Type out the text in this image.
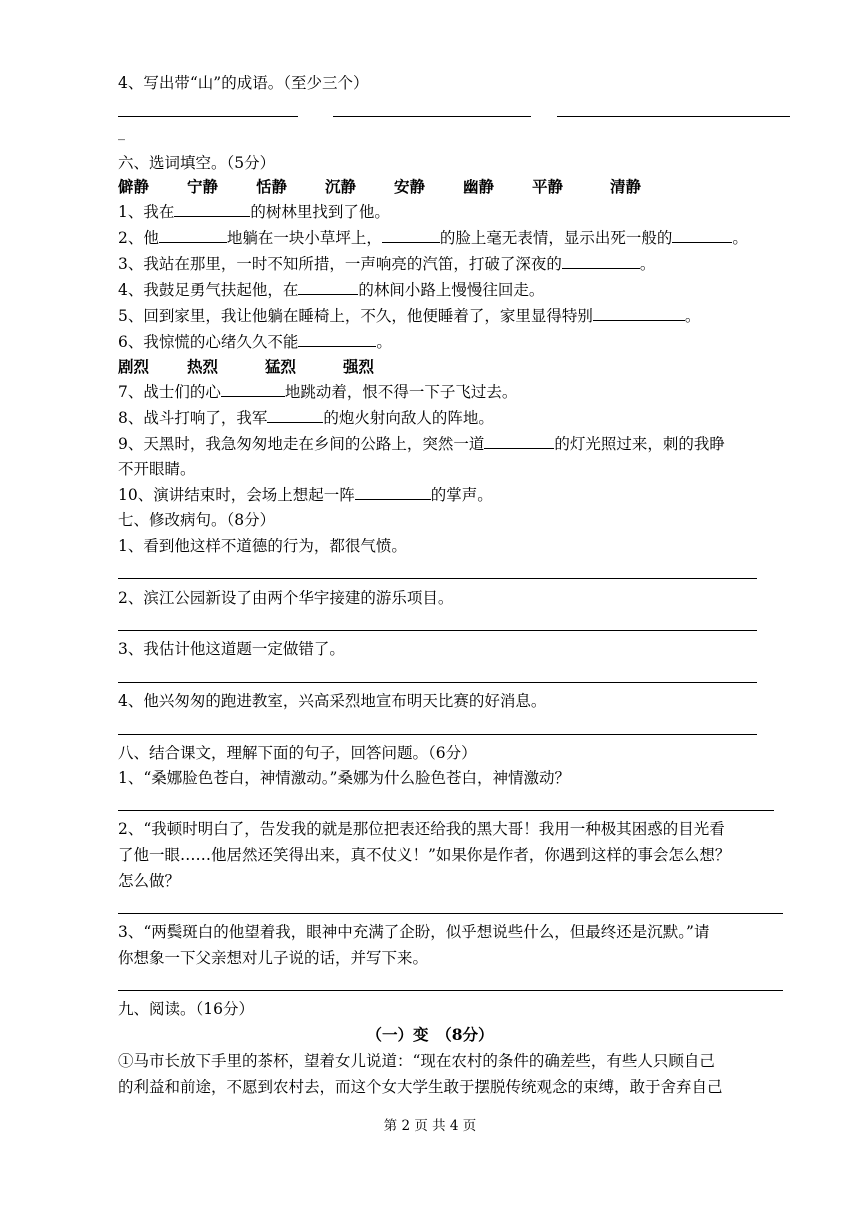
4、写出带“山”的成语。（至少三个）
_
六、选词填空。（5分）
僻静 宁静 恬静 沉静 安静 幽静 平静	清静
1、我在	的树林里找到了他。
2、他	地躺在一块小草坪上，	的脸上毫无表情，显示出死一般的	。
3、我站在那里，一时不知所措，一声响亮的汽笛，打破了深夜的	。
4、我鼓足勇气扶起他，在	的林间小路上慢慢往回走。
5、回到家里，我让他躺在睡椅上，不久，他便睡着了，家里显得特别	。
6、我惊慌的心绪久久不能	。
剧烈 热烈	猛烈	强烈
7、战士们的心	地跳动着，恨不得一下子飞过去。
8、战斗打响了，我军	的炮火射向敌人的阵地。
9、天黑时，我急匆匆地走在乡间的公路上，突然一道	的灯光照过来，刺的我睁
不开眼睛。
10、演讲结束时，会场上想起一阵	的掌声。
七、修改病句。（8分）
1、看到他这样不道德的行为，都很气愤。
2、滨江公园新设了由两个华宇接建的游乐项目。
3、我估计他这道题一定做错了。
4、他兴匆匆的跑进教室，兴高采烈地宣布明天比赛的好消息。
八、结合课文，理解下面的句子，回答问题。（6分）
1、“桑娜脸色苍白，神情激动。”桑娜为什么脸色苍白，神情激动？
2、“我顿时明白了，告发我的就是那位把表还给我的黑大哥！我用一种极其困惑的目光看
了他一眼……他居然还笑得出来，真不仗义！”如果你是作者，你遇到这样的事会怎么想？
怎么做？
3、“两鬓斑白的他望着我，眼神中充满了企盼，似乎想说些什么，但最终还是沉默。”请
你想象一下父亲想对儿子说的话，并写下来。
九、阅读。（16分）
（一）变　（8分）
①马市长放下手里的茶杯，望着女儿说道：“现在农村的条件的确差些，有些人只顾自己
的利益和前途，不愿到农村去，而这个女大学生敢于摆脱传统观念的束缚，敢于舍弃自己
第 2 页 共 4 页
